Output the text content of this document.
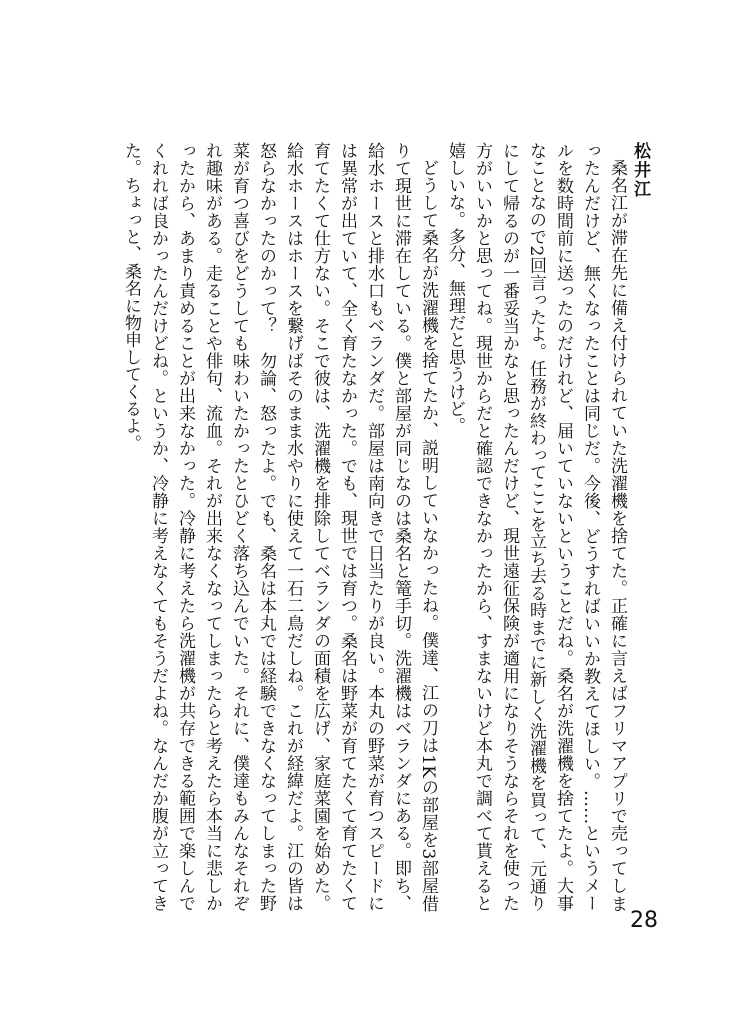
松井江

桑名江が滞在先に備え付けられていた洗濯機を捨てた。正確に言えばフリマアプリで売ってしまったんだけど、無くなったことは同じだ。今後、どうすればいいか教えてほしい。……というメールを数時間前に送ったのだけれど、届いていないということだね。桑名が洗濯機を捨てたよ。大事なことなので2回言ったよ。任務が終わってここを立ち去る時までに新しく洗濯機を買って、元通りにして帰るのが一番妥当かなと思ったんだけど、現世遠征保険が適用になりそうならそれを使った方がいいかと思ってね。現世からだと確認できなかったから、すまないけど本丸で調べて貰えると嬉しいな。多分、無理だと思うけど。

どうして桑名が洗濯機を捨てたか、説明していなかったね。僕達、江の刀は1Kの部屋を3部屋借りて現世に滞在している。僕と部屋が同じなのは桑名と篭手切。洗濯機はベランダにある。即ち、給水ホースと排水口もベランダだ。部屋は南向きで日当たりが良い。本丸の野菜が育つスピードには異常が出ていて、全く育たなかった。でも、現世では育つ。桑名は野菜が育てたくて育てたくて育てたくて仕方ない。そこで彼は、洗濯機を排除してベランダの面積を広げ、家庭菜園を始めた。給水ホースはホースを繋げばそのまま水やりに使えて一石二鳥だしね。これが経緯だよ。江の皆は怒らなかったのかって？　勿論、怒ったよ。でも、桑名は本丸では経験できなくなってしまった野菜が育つ喜びをどうしても味わいたかったとひどく落ち込んでいた。それに、僕達もみんなそれぞれ趣味がある。走ることや俳句、流血。それが出来なくなってしまったらと考えたら本当に悲しかったから、あまり責めることが出来なかった。冷静に考えたら洗濯機が共存できる範囲で楽しんでくれれば良かったんだけどね。というか、冷静に考えなくてもそうだよね。なんだか腹が立ってきた。ちょっと、桑名に物申してくるよ。

28
